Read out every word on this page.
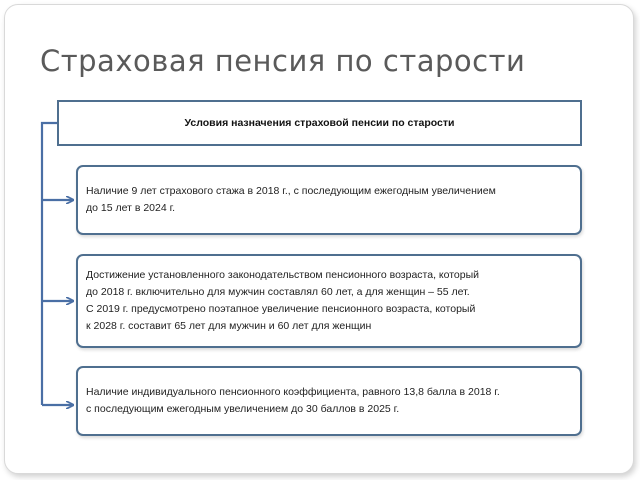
Страховая пенсия по старости
Условия назначения страховой пенсии по старости
Наличие 9 лет страхового стажа в 2018 г., с последующим ежегодным увеличением
до 15 лет в 2024 г.
Достижение установленного законодательством пенсионного возраста, который
до 2018 г. включительно для мужчин составлял 60 лет, а для женщин – 55 лет.
С 2019 г. предусмотрено поэтапное увеличение пенсионного возраста, который
к 2028 г. составит 65 лет для мужчин и 60 лет для женщин
Наличие индивидуального пенсионного коэффициента, равного 13,8 балла в 2018 г.
с последующим ежегодным увеличением до 30 баллов в 2025 г.
